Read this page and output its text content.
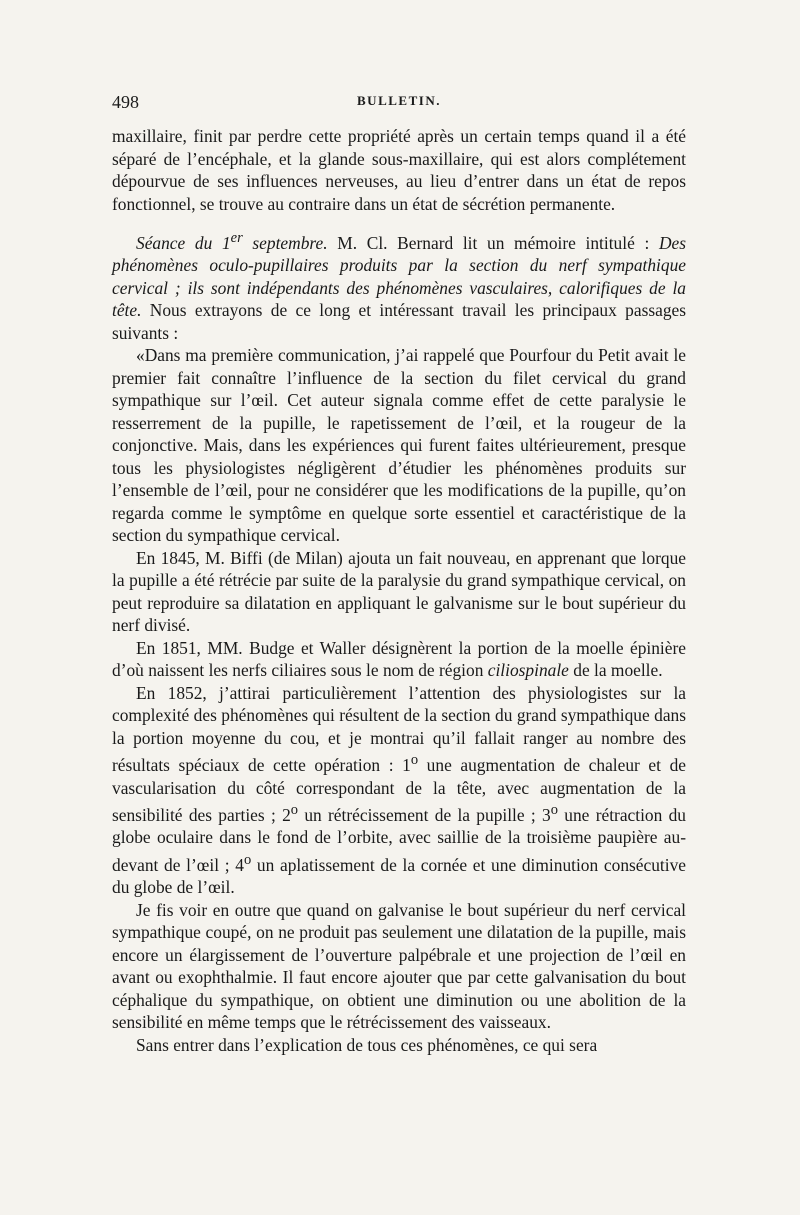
498	BULLETIN.

maxillaire, finit par perdre cette propriété après un certain temps quand il a été séparé de l’encéphale, et la glande sous-maxillaire, qui est alors complétement dépourvue de ses influences nerveuses, au lieu d’entrer dans un état de repos fonctionnel, se trouve au contraire dans un état de sécrétion permanente.

Séance du 1er septembre. M. Cl. Bernard lit un mémoire intitulé : Des phénomènes oculo-pupillaires produits par la section du nerf sympathique cervical ; ils sont indépendants des phénomènes vasculaires, calorifiques de la tête. Nous extrayons de ce long et intéressant travail les principaux passages suivants :

«Dans ma première communication, j’ai rappelé que Pourfour du Petit avait le premier fait connaître l’influence de la section du filet cervical du grand sympathique sur l’œil. Cet auteur signala comme effet de cette paralysie le resserrement de la pupille, le rapetissement de l’œil, et la rougeur de la conjonctive. Mais, dans les expériences qui furent faites ultérieurement, presque tous les physiologistes négligèrent d’étudier les phénomènes produits sur l’ensemble de l’œil, pour ne considérer que les modifications de la pupille, qu’on regarda comme le symptôme en quelque sorte essentiel et caractéristique de la section du sympathique cervical.

En 1845, M. Biffi (de Milan) ajouta un fait nouveau, en apprenant que lorque la pupille a été rétrécie par suite de la paralysie du grand sympathique cervical, on peut reproduire sa dilatation en appliquant le galvanisme sur le bout supérieur du nerf divisé.

En 1851, MM. Budge et Waller désignèrent la portion de la moelle épinière d’où naissent les nerfs ciliaires sous le nom de région ciliospinale de la moelle.

En 1852, j’attirai particulièrement l’attention des physiologistes sur la complexité des phénomènes qui résultent de la section du grand sympathique dans la portion moyenne du cou, et je montrai qu’il fallait ranger au nombre des résultats spéciaux de cette opération : 1$^o$ une augmentation de chaleur et de vascularisation du côté correspondant de la tête, avec augmentation de la sensibilité des parties ; 2$^o$ un rétrécissement de la pupille ; 3$^o$ une rétraction du globe oculaire dans le fond de l’orbite, avec saillie de la troisième paupière au-devant de l’œil ; 4$^o$ un aplatissement de la cornée et une diminution consécutive du globe de l’œil.

Je fis voir en outre que quand on galvanise le bout supérieur du nerf cervical sympathique coupé, on ne produit pas seulement une dilatation de la pupille, mais encore un élargissement de l’ouverture palpébrale et une projection de l’œil en avant ou exophthalmie. Il faut encore ajouter que par cette galvanisation du bout céphalique du sympathique, on obtient une diminution ou une abolition de la sensibilité en même temps que le rétrécissement des vaisseaux.

Sans entrer dans l’explication de tous ces phénomènes, ce qui sera
